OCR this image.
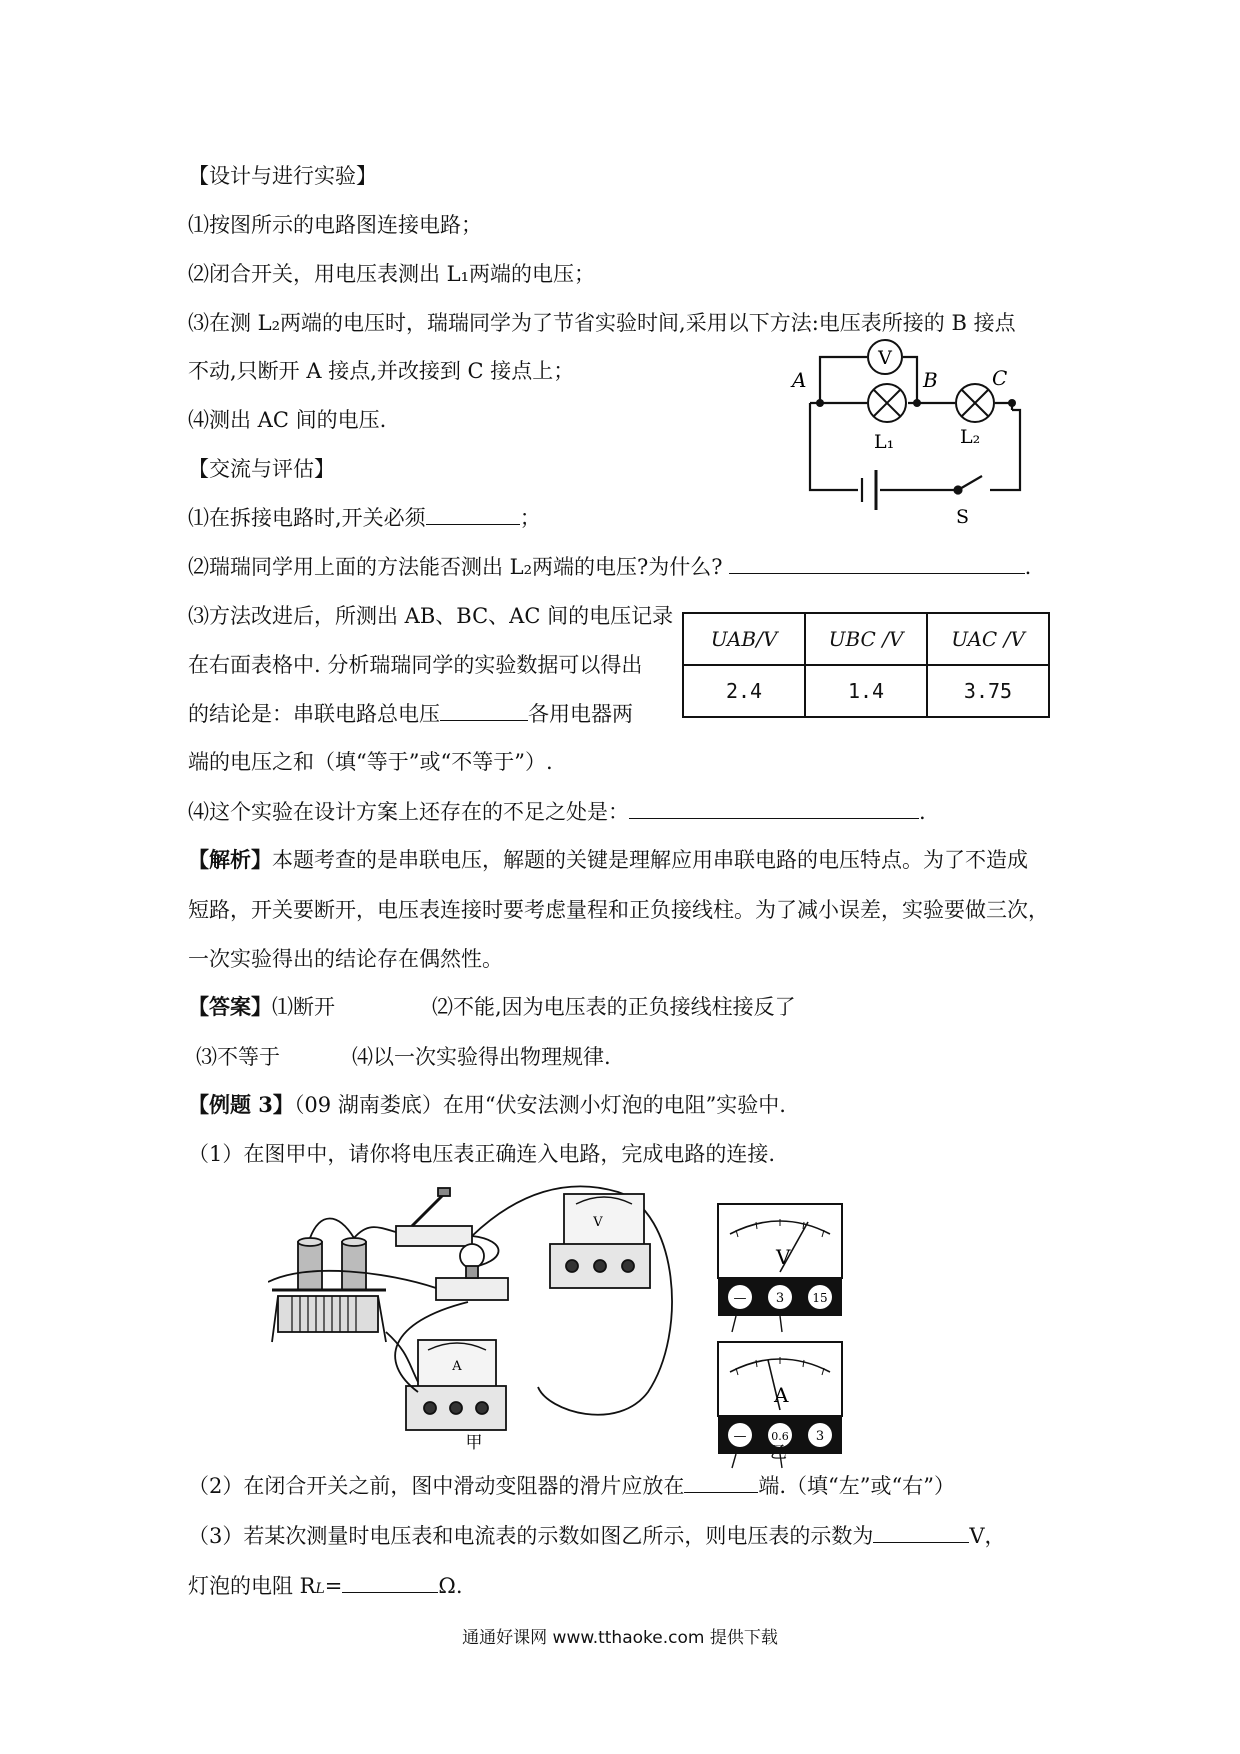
【设计与进行实验】
⑴按图所示的电路图连接电路；
⑵闭合开关，用电压表测出 L₁两端的电压；
⑶在测 L₂两端的电压时，瑞瑞同学为了节省实验时间,采用以下方法:电压表所接的 B 接点
不动,只断开 A 接点,并改接到 C 接点上；
⑷测出 AC 间的电压.
【交流与评估】
⑴在拆接电路时,开关必须	；
⑵瑞瑞同学用上面的方法能否测出 L₂两端的电压?为什么?	.
⑶方法改进后，所测出 AB、BC、AC 间的电压记录
在右面表格中. 分析瑞瑞同学的实验数据可以得出
的结论是：串联电路总电压	各用电器两
端的电压之和（填“等于”或“不等于”）.
⑷这个实验在设计方案上还存在的不足之处是：	.
UAB/V	UBC /V	UAC /V
2.4	1.4	3.75
【解析】本题考查的是串联电压，解题的关键是理解应用串联电路的电压特点。为了不造成
短路，开关要断开，电压表连接时要考虑量程和正负接线柱。为了减小误差，实验要做三次，
一次实验得出的结论存在偶然性。
【答案】⑴断开	⑵不能,因为电压表的正负接线柱接反了
⑶不等于	⑷以一次实验得出物理规律.
【例题 3】（09 湖南娄底）在用“伏安法测小灯泡的电阻”实验中.
（1）在图甲中，请你将电压表正确连入电路，完成电路的连接.
（2）在闭合开关之前，图中滑动变阻器的滑片应放在	端.（填“左”或“右”）
（3）若某次测量时电压表和电流表的示数如图乙所示，则电压表的示数为	V，
灯泡的电阻 RL=	Ω.
V
A	B	C
L₁	L₂
S
V
A
甲
V
— 3 15
A
— 0.6 3
乙
通通好课网 www.tthaoke.com 提供下载
